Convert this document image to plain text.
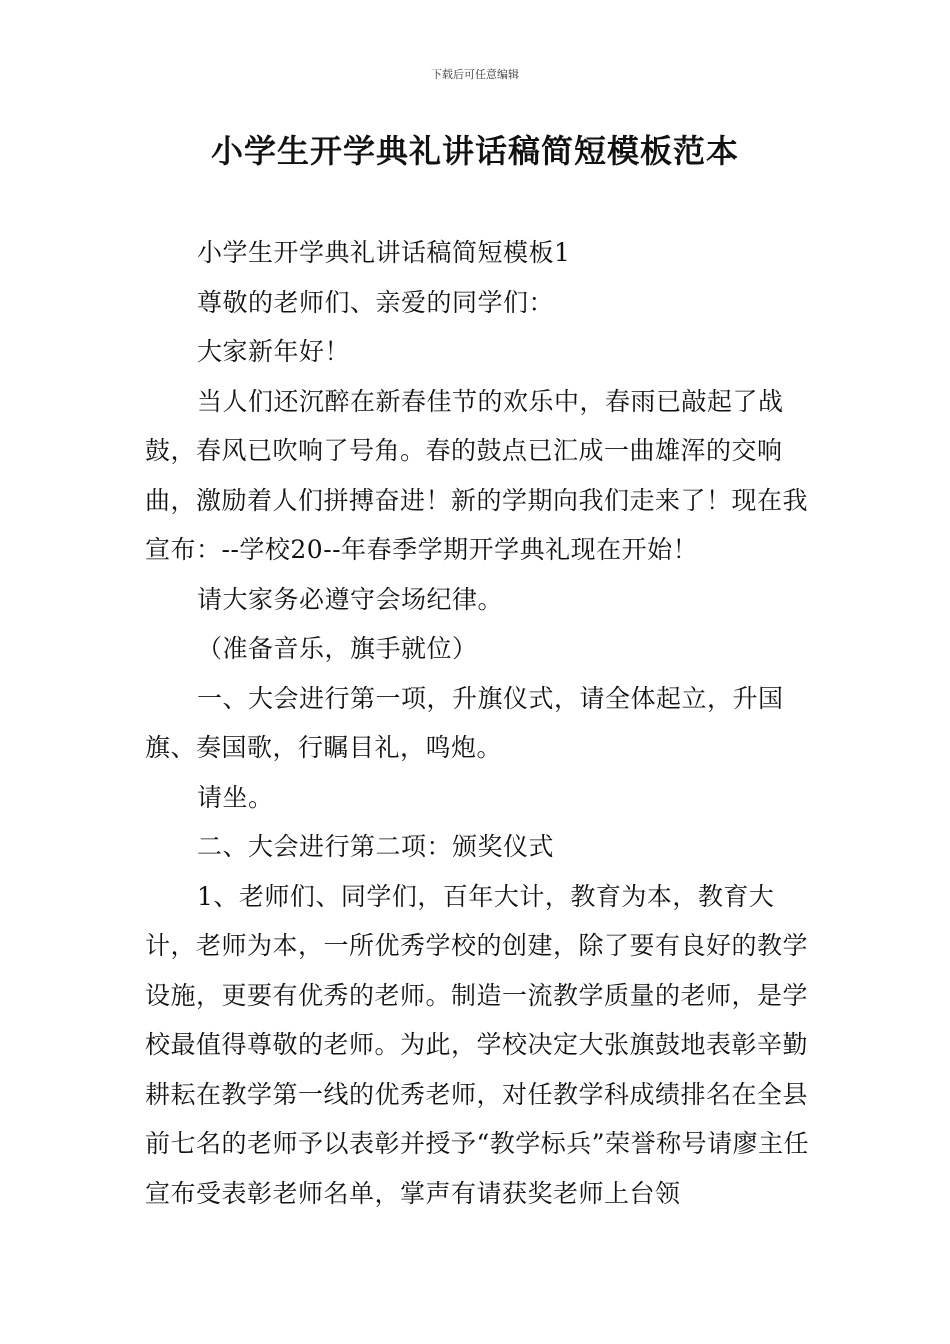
下载后可任意编辑
小学生开学典礼讲话稿简短模板范本

小学生开学典礼讲话稿简短模板1

尊敬的老师们、亲爱的同学们：

大家新年好！

当人们还沉醉在新春佳节的欢乐中，春雨已敲起了战鼓，春风已吹响了号角。春的鼓点已汇成一曲雄浑的交响曲，激励着人们拼搏奋进！新的学期向我们走来了！现在我宣布：--学校20--年春季学期开学典礼现在开始！

请大家务必遵守会场纪律。

（准备音乐，旗手就位）

一、大会进行第一项，升旗仪式，请全体起立，升国旗、奏国歌，行瞩目礼，鸣炮。

请坐。

二、大会进行第二项：颁奖仪式

1、老师们、同学们，百年大计，教育为本，教育大计，老师为本，一所优秀学校的创建，除了要有良好的教学设施，更要有优秀的老师。制造一流教学质量的老师，是学校最值得尊敬的老师。为此，学校决定大张旗鼓地表彰辛勤耕耘在教学第一线的优秀老师，对任教学科成绩排名在全县前七名的老师予以表彰并授予“教学标兵”荣誉称号请廖主任宣布受表彰老师名单，掌声有请获奖老师上台领
